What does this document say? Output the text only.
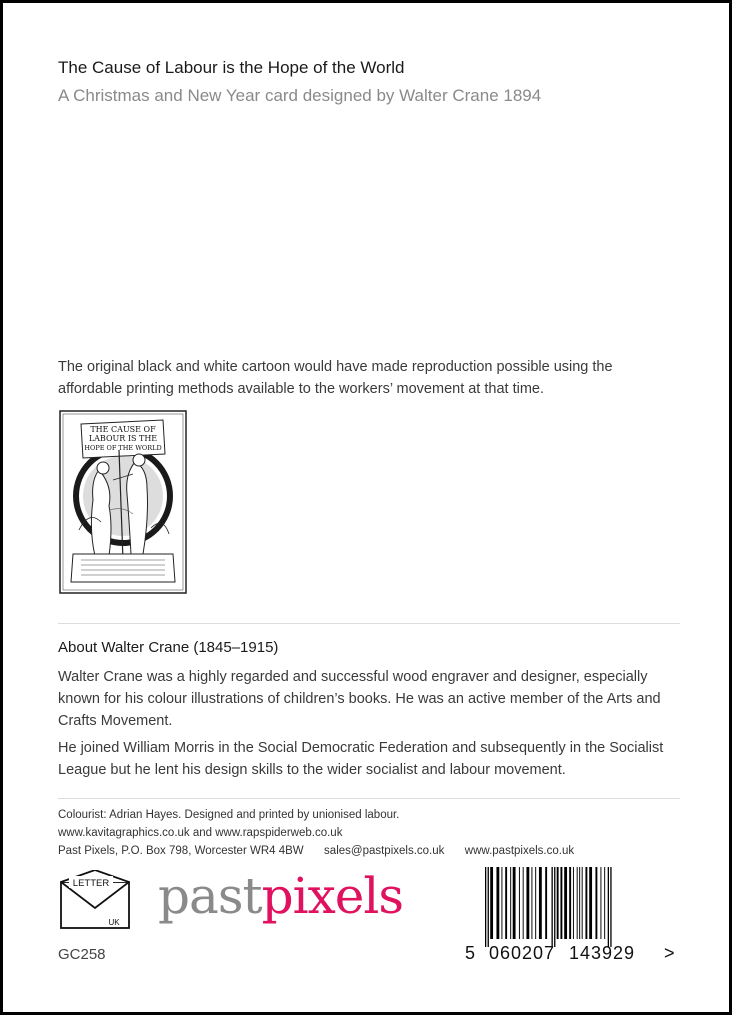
The Cause of Labour is the Hope of the World
A Christmas and New Year card designed by Walter Crane 1894
The original black and white cartoon would have made reproduction possible using the affordable printing methods available to the workers’ movement at that time.
THE CAUSE OF
LABOUR IS THE
HOPE OF THE WORLD
About Walter Crane (1845–1915)

Walter Crane was a highly regarded and successful wood engraver and designer, especially known for his colour illustrations of children’s books. He was an active member of the Arts and Crafts Movement.

He joined William Morris in the Social Democratic Federation and subsequently in the Socialist League but he lent his design skills to the wider socialist and labour movement.

Colourist: Adrian Hayes. Designed and printed by unionised labour.
www.kavitagraphics.co.uk and www.rapspiderweb.co.uk
Past Pixels, P.O. Box 798, Worcester WR4 4BW sales@pastpixels.co.uk www.pastpixels.co.uk
LETTER
UK pastpixels
GC258	5 060207 143929 >
